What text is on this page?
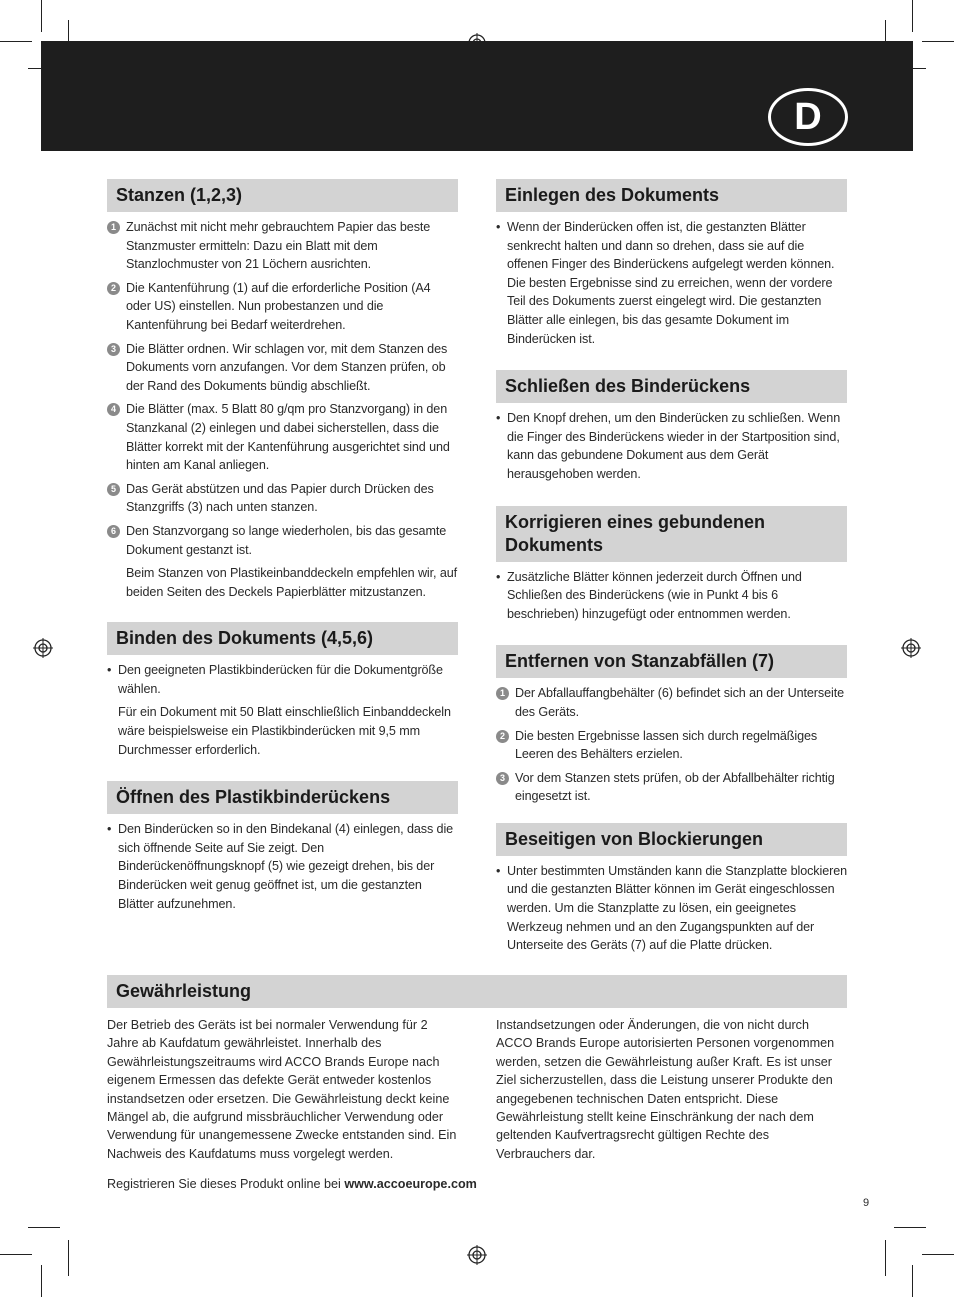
D
Stanzen (1,2,3)
1 Zunächst mit nicht mehr gebrauchtem Papier das beste Stanzmuster ermitteln: Dazu ein Blatt mit dem Stanzlochmuster von 21 Löchern ausrichten.
2 Die Kantenführung (1) auf die erforderliche Position (A4 oder US) einstellen. Nun probestanzen und die Kantenführung bei Bedarf weiterdrehen.
3 Die Blätter ordnen. Wir schlagen vor, mit dem Stanzen des Dokuments vorn anzufangen. Vor dem Stanzen prüfen, ob der Rand des Dokuments bündig abschließt.
4 Die Blätter (max. 5 Blatt 80 g/qm pro Stanzvorgang) in den Stanzkanal (2) einlegen und dabei sicherstellen, dass die Blätter korrekt mit der Kantenführung ausgerichtet sind und hinten am Kanal anliegen.
5 Das Gerät abstützen und das Papier durch Drücken des Stanzgriffs (3) nach unten stanzen.
6 Den Stanzvorgang so lange wiederholen, bis das gesamte Dokument gestanzt ist.
Beim Stanzen von Plastikeinbanddeckeln empfehlen wir, auf beiden Seiten des Deckels Papierblätter mitzustanzen.
Binden des Dokuments (4,5,6)
• Den geeigneten Plastikbinderücken für die Dokumentgröße wählen.
Für ein Dokument mit 50 Blatt einschließlich Einbanddeckeln wäre beispielsweise ein Plastikbinderücken mit 9,5 mm Durchmesser erforderlich.
Öffnen des Plastikbinderückens
• Den Binderücken so in den Bindekanal (4) einlegen, dass die sich öffnende Seite auf Sie zeigt. Den Binderückenöffnungsknopf (5) wie gezeigt drehen, bis der Binderücken weit genug geöffnet ist, um die gestanzten Blätter aufzunehmen.
Einlegen des Dokuments
• Wenn der Binderücken offen ist, die gestanzten Blätter senkrecht halten und dann so drehen, dass sie auf die offenen Finger des Binderückens aufgelegt werden können. Die besten Ergebnisse sind zu erreichen, wenn der vordere Teil des Dokuments zuerst eingelegt wird. Die gestanzten Blätter alle einlegen, bis das gesamte Dokument im Binderücken ist.
Schließen des Binderückens
• Den Knopf drehen, um den Binderücken zu schließen. Wenn die Finger des Binderückens wieder in der Startposition sind, kann das gebundene Dokument aus dem Gerät herausgehoben werden.
Korrigieren eines gebundenen Dokuments
• Zusätzliche Blätter können jederzeit durch Öffnen und Schließen des Binderückens (wie in Punkt 4 bis 6 beschrieben) hinzugefügt oder entnommen werden.
Entfernen von Stanzabfällen (7)
1 Der Abfallauffangbehälter (6) befindet sich an der Unterseite des Geräts.
2 Die besten Ergebnisse lassen sich durch regelmäßiges Leeren des Behälters erzielen.
3 Vor dem Stanzen stets prüfen, ob der Abfallbehälter richtig eingesetzt ist.
Beseitigen von Blockierungen
• Unter bestimmten Umständen kann die Stanzplatte blockieren und die gestanzten Blätter können im Gerät eingeschlossen werden. Um die Stanzplatte zu lösen, ein geeignetes Werkzeug nehmen und an den Zugangspunkten auf der Unterseite des Geräts (7) auf die Platte drücken.
Gewährleistung
Der Betrieb des Geräts ist bei normaler Verwendung für 2 Jahre ab Kaufdatum gewährleistet. Innerhalb des Gewährleistungszeitraums wird ACCO Brands Europe nach eigenem Ermessen das defekte Gerät entweder kostenlos instandsetzen oder ersetzen. Die Gewährleistung deckt keine Mängel ab, die aufgrund missbräuchlicher Verwendung oder Verwendung für unangemessene Zwecke entstanden sind. Ein Nachweis des Kaufdatums muss vorgelegt werden.
Instandsetzungen oder Änderungen, die von nicht durch ACCO Brands Europe autorisierten Personen vorgenommen werden, setzen die Gewährleistung außer Kraft. Es ist unser Ziel sicherzustellen, dass die Leistung unserer Produkte den angegebenen technischen Daten entspricht. Diese Gewährleistung stellt keine Einschränkung der nach dem geltenden Kaufvertragsrecht gültigen Rechte des Verbrauchers dar.
Registrieren Sie dieses Produkt online bei www.accoeurope.com
9
